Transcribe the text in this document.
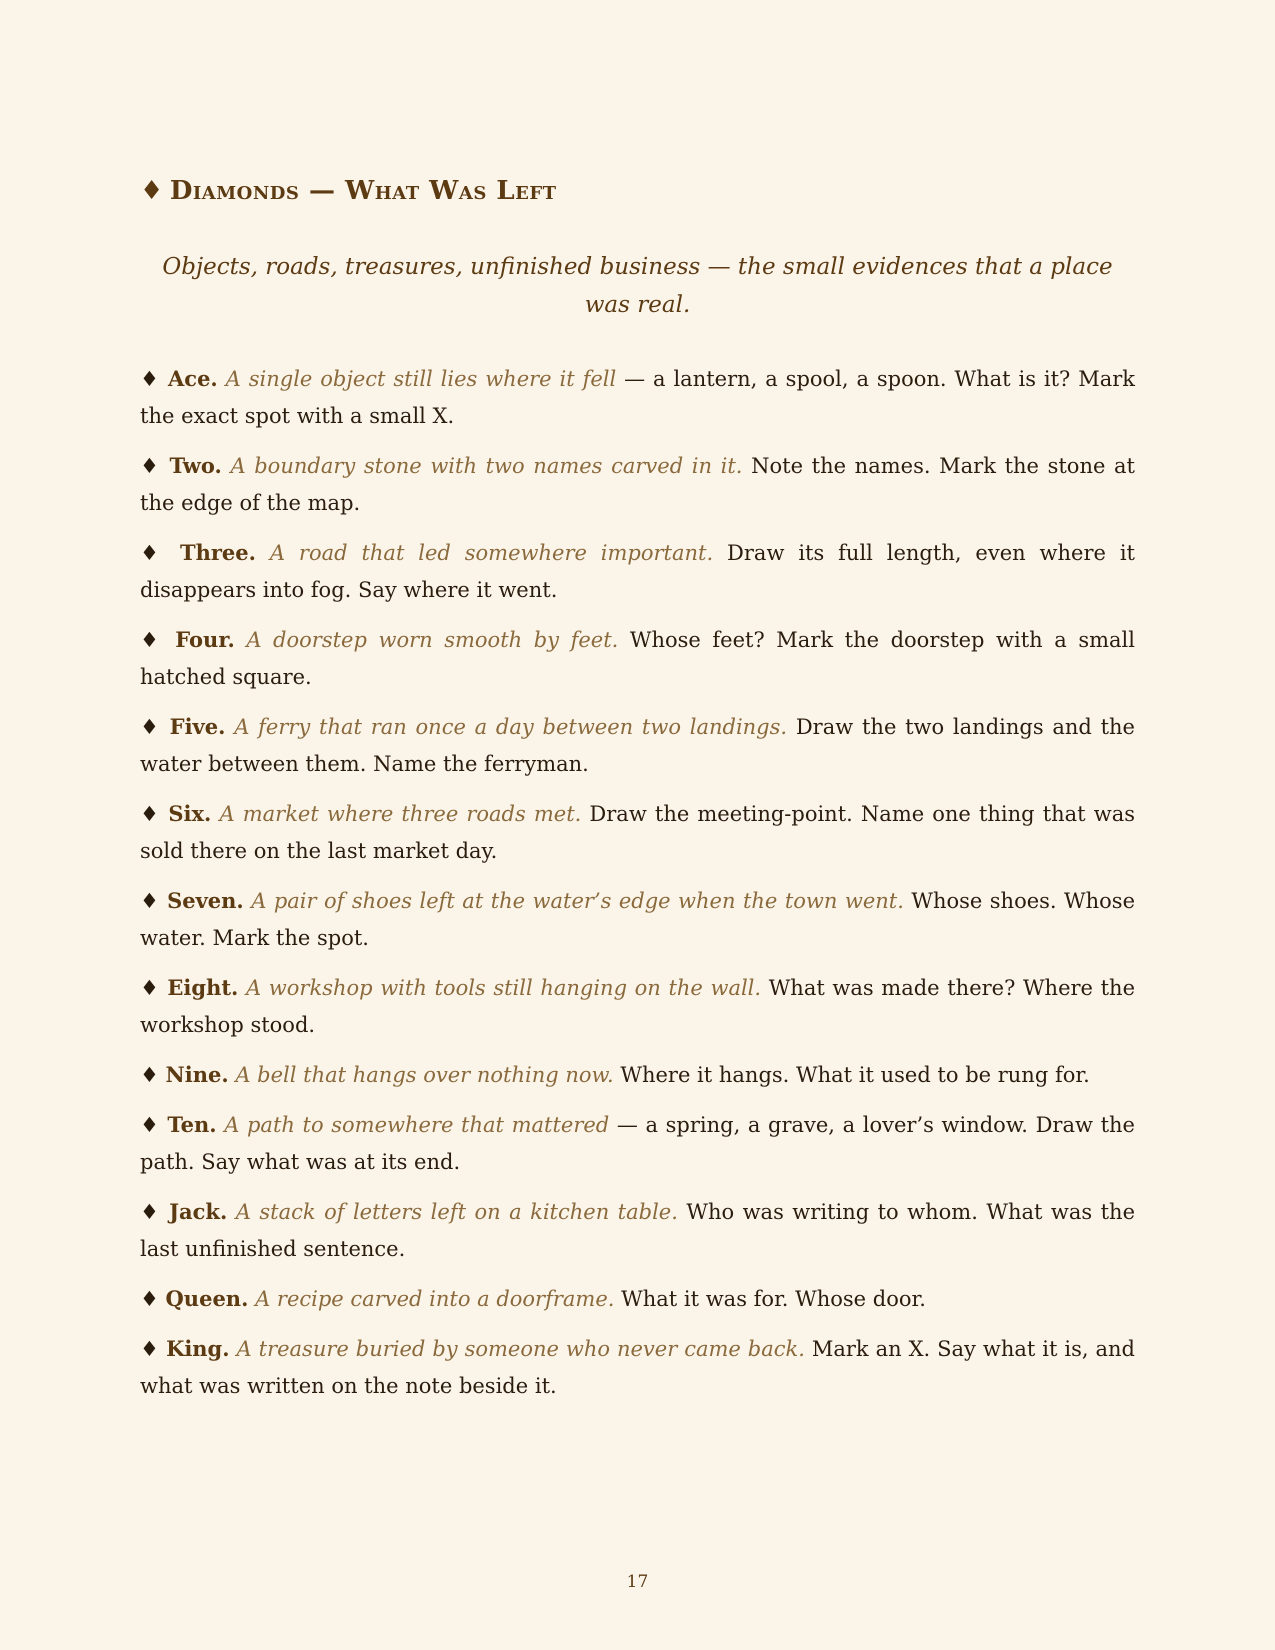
♦ Diamonds — What Was Left

Objects, roads, treasures, unfinished business — the small evidences that a place was real.

♦ Ace. A single object still lies where it fell — a lantern, a spool, a spoon. What is it? Mark the exact spot with a small X.
♦ Two. A boundary stone with two names carved in it. Note the names. Mark the stone at the edge of the map.
♦ Three. A road that led somewhere important. Draw its full length, even where it disappears into fog. Say where it went.
♦ Four. A doorstep worn smooth by feet. Whose feet? Mark the doorstep with a small hatched square.
♦ Five. A ferry that ran once a day between two landings. Draw the two landings and the water between them. Name the ferryman.
♦ Six. A market where three roads met. Draw the meeting-point. Name one thing that was sold there on the last market day.
♦ Seven. A pair of shoes left at the water’s edge when the town went. Whose shoes. Whose water. Mark the spot.
♦ Eight. A workshop with tools still hanging on the wall. What was made there? Where the workshop stood.
♦ Nine. A bell that hangs over nothing now. Where it hangs. What it used to be rung for.
♦ Ten. A path to somewhere that mattered — a spring, a grave, a lover’s window. Draw the path. Say what was at its end.
♦ Jack. A stack of letters left on a kitchen table. Who was writing to whom. What was the last unfinished sentence.
♦ Queen. A recipe carved into a doorframe. What it was for. Whose door.
♦ King. A treasure buried by someone who never came back. Mark an X. Say what it is, and what was written on the note beside it.
17
